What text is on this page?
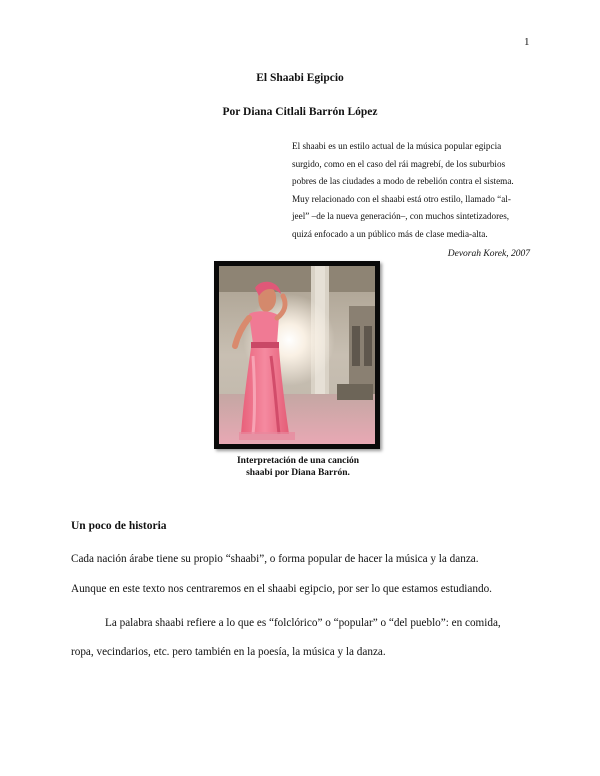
1
El Shaabi Egipcio
Por Diana Citlali Barrón López
El shaabi es un estilo actual de la música popular egipcia
surgido, como en el caso del rái magrebí, de los suburbios
pobres de las ciudades a modo de rebelión contra el sistema.
Muy relacionado con el shaabi está otro estilo, llamado “al-
jeel” –de la nueva generación–, con muchos sintetizadores,
quizá enfocado a un público más de clase media-alta.
Devorah Korek, 2007
Interpretación de una canción
shaabi por Diana Barrón.
Un poco de historia
Cada nación árabe tiene su propio “shaabi”, o forma popular de hacer la música y la danza.
Aunque en este texto nos centraremos en el shaabi egipcio, por ser lo que estamos estudiando.
La palabra shaabi refiere a lo que es “folclórico” o “popular” o “del pueblo”: en comida,
ropa, vecindarios, etc. pero también en la poesía, la música y la danza.
